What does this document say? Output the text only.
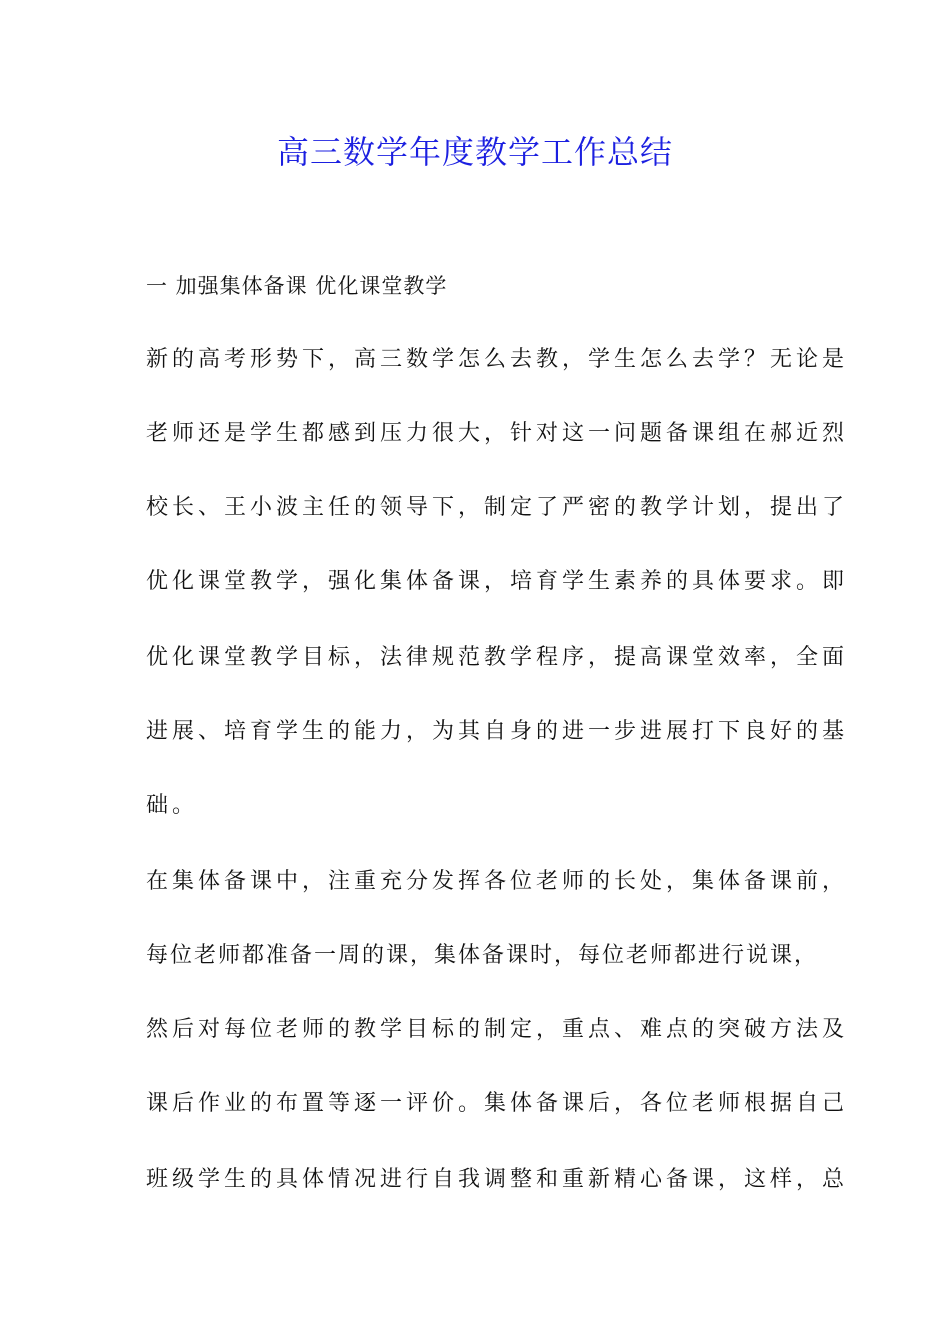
高三数学年度教学工作总结

一 加强集体备课 优化课堂教学

新的高考形势下，高三数学怎么去教，学生怎么去学？无论是

老师还是学生都感到压力很大，针对这一问题备课组在郝近烈

校长、王小波主任的领导下，制定了严密的教学计划，提出了

优化课堂教学，强化集体备课，培育学生素养的具体要求。即

优化课堂教学目标，法律规范教学程序，提高课堂效率，全面

进展、培育学生的能力，为其自身的进一步进展打下良好的基

础。

在集体备课中，注重充分发挥各位老师的长处，集体备课前，

每位老师都准备一周的课，集体备课时，每位老师都进行说课，

然后对每位老师的教学目标的制定，重点、难点的突破方法及

课后作业的布置等逐一评价。集体备课后，各位老师根据自己

班级学生的具体情况进行自我调整和重新精心备课，这样，总
